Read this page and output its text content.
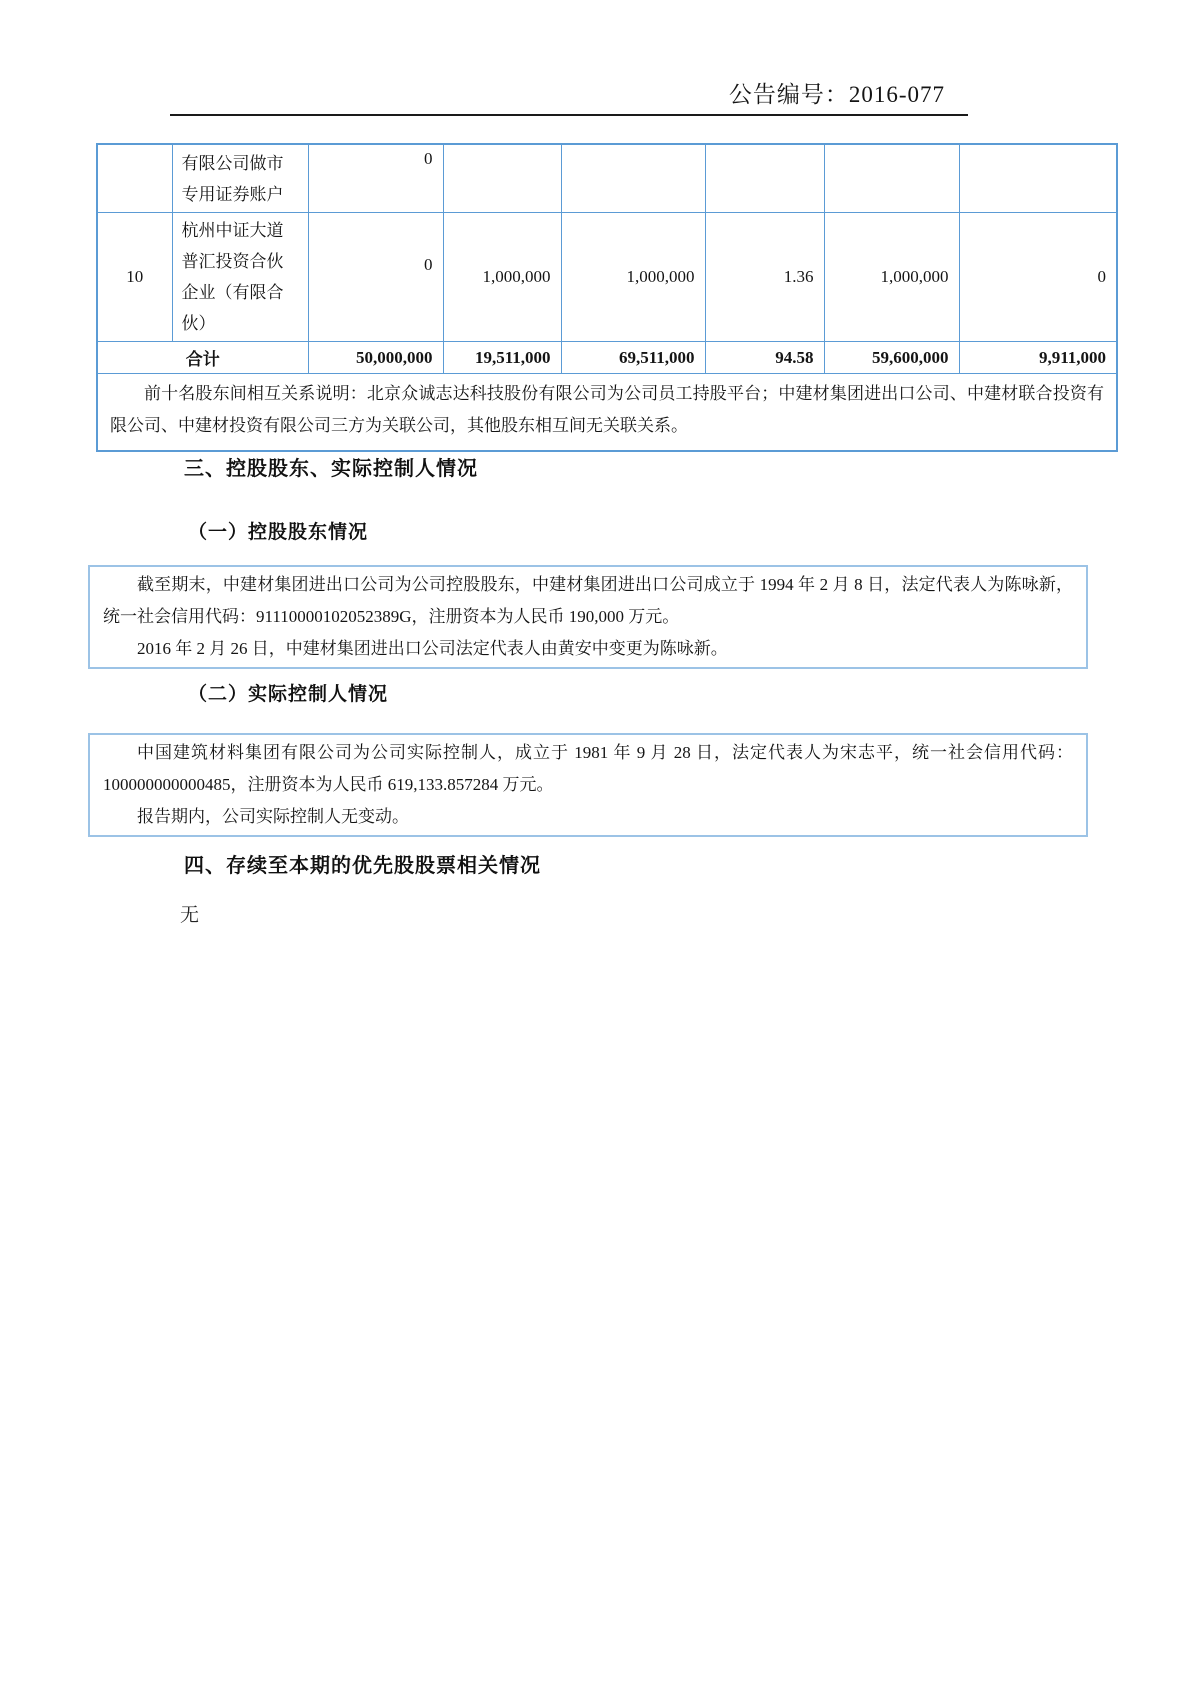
公告编号：2016-077
	有限公司做市专用证券账户	0					
10	杭州中证大道普汇投资合伙企业（有限合伙）	0	1,000,000	1,000,000	1.36	1,000,000	0
合计		50,000,000	19,511,000	69,511,000	94.58	59,600,000	9,911,000
前十名股东间相互关系说明：北京众诚志达科技股份有限公司为公司员工持股平台；中建材集团进出口公司、中建材联合投资有限公司、中建材投资有限公司三方为关联公司，其他股东相互间无关联关系。							
三、控股股东、实际控制人情况
（一）控股股东情况

截至期末，中建材集团进出口公司为公司控股股东，中建材集团进出口公司成立于 1994 年 2 月 8 日，法定代表人为陈咏新，统一社会信用代码：91110000102052389G，注册资本为人民币 190,000 万元。

2016 年 2 月 26 日，中建材集团进出口公司法定代表人由黄安中变更为陈咏新。

（二）实际控制人情况

中国建筑材料集团有限公司为公司实际控制人，成立于 1981 年 9 月 28 日，法定代表人为宋志平，统一社会信用代码：100000000000485，注册资本为人民币 619,133.857284 万元。

报告期内，公司实际控制人无变动。

四、存续至本期的优先股股票相关情况
无
